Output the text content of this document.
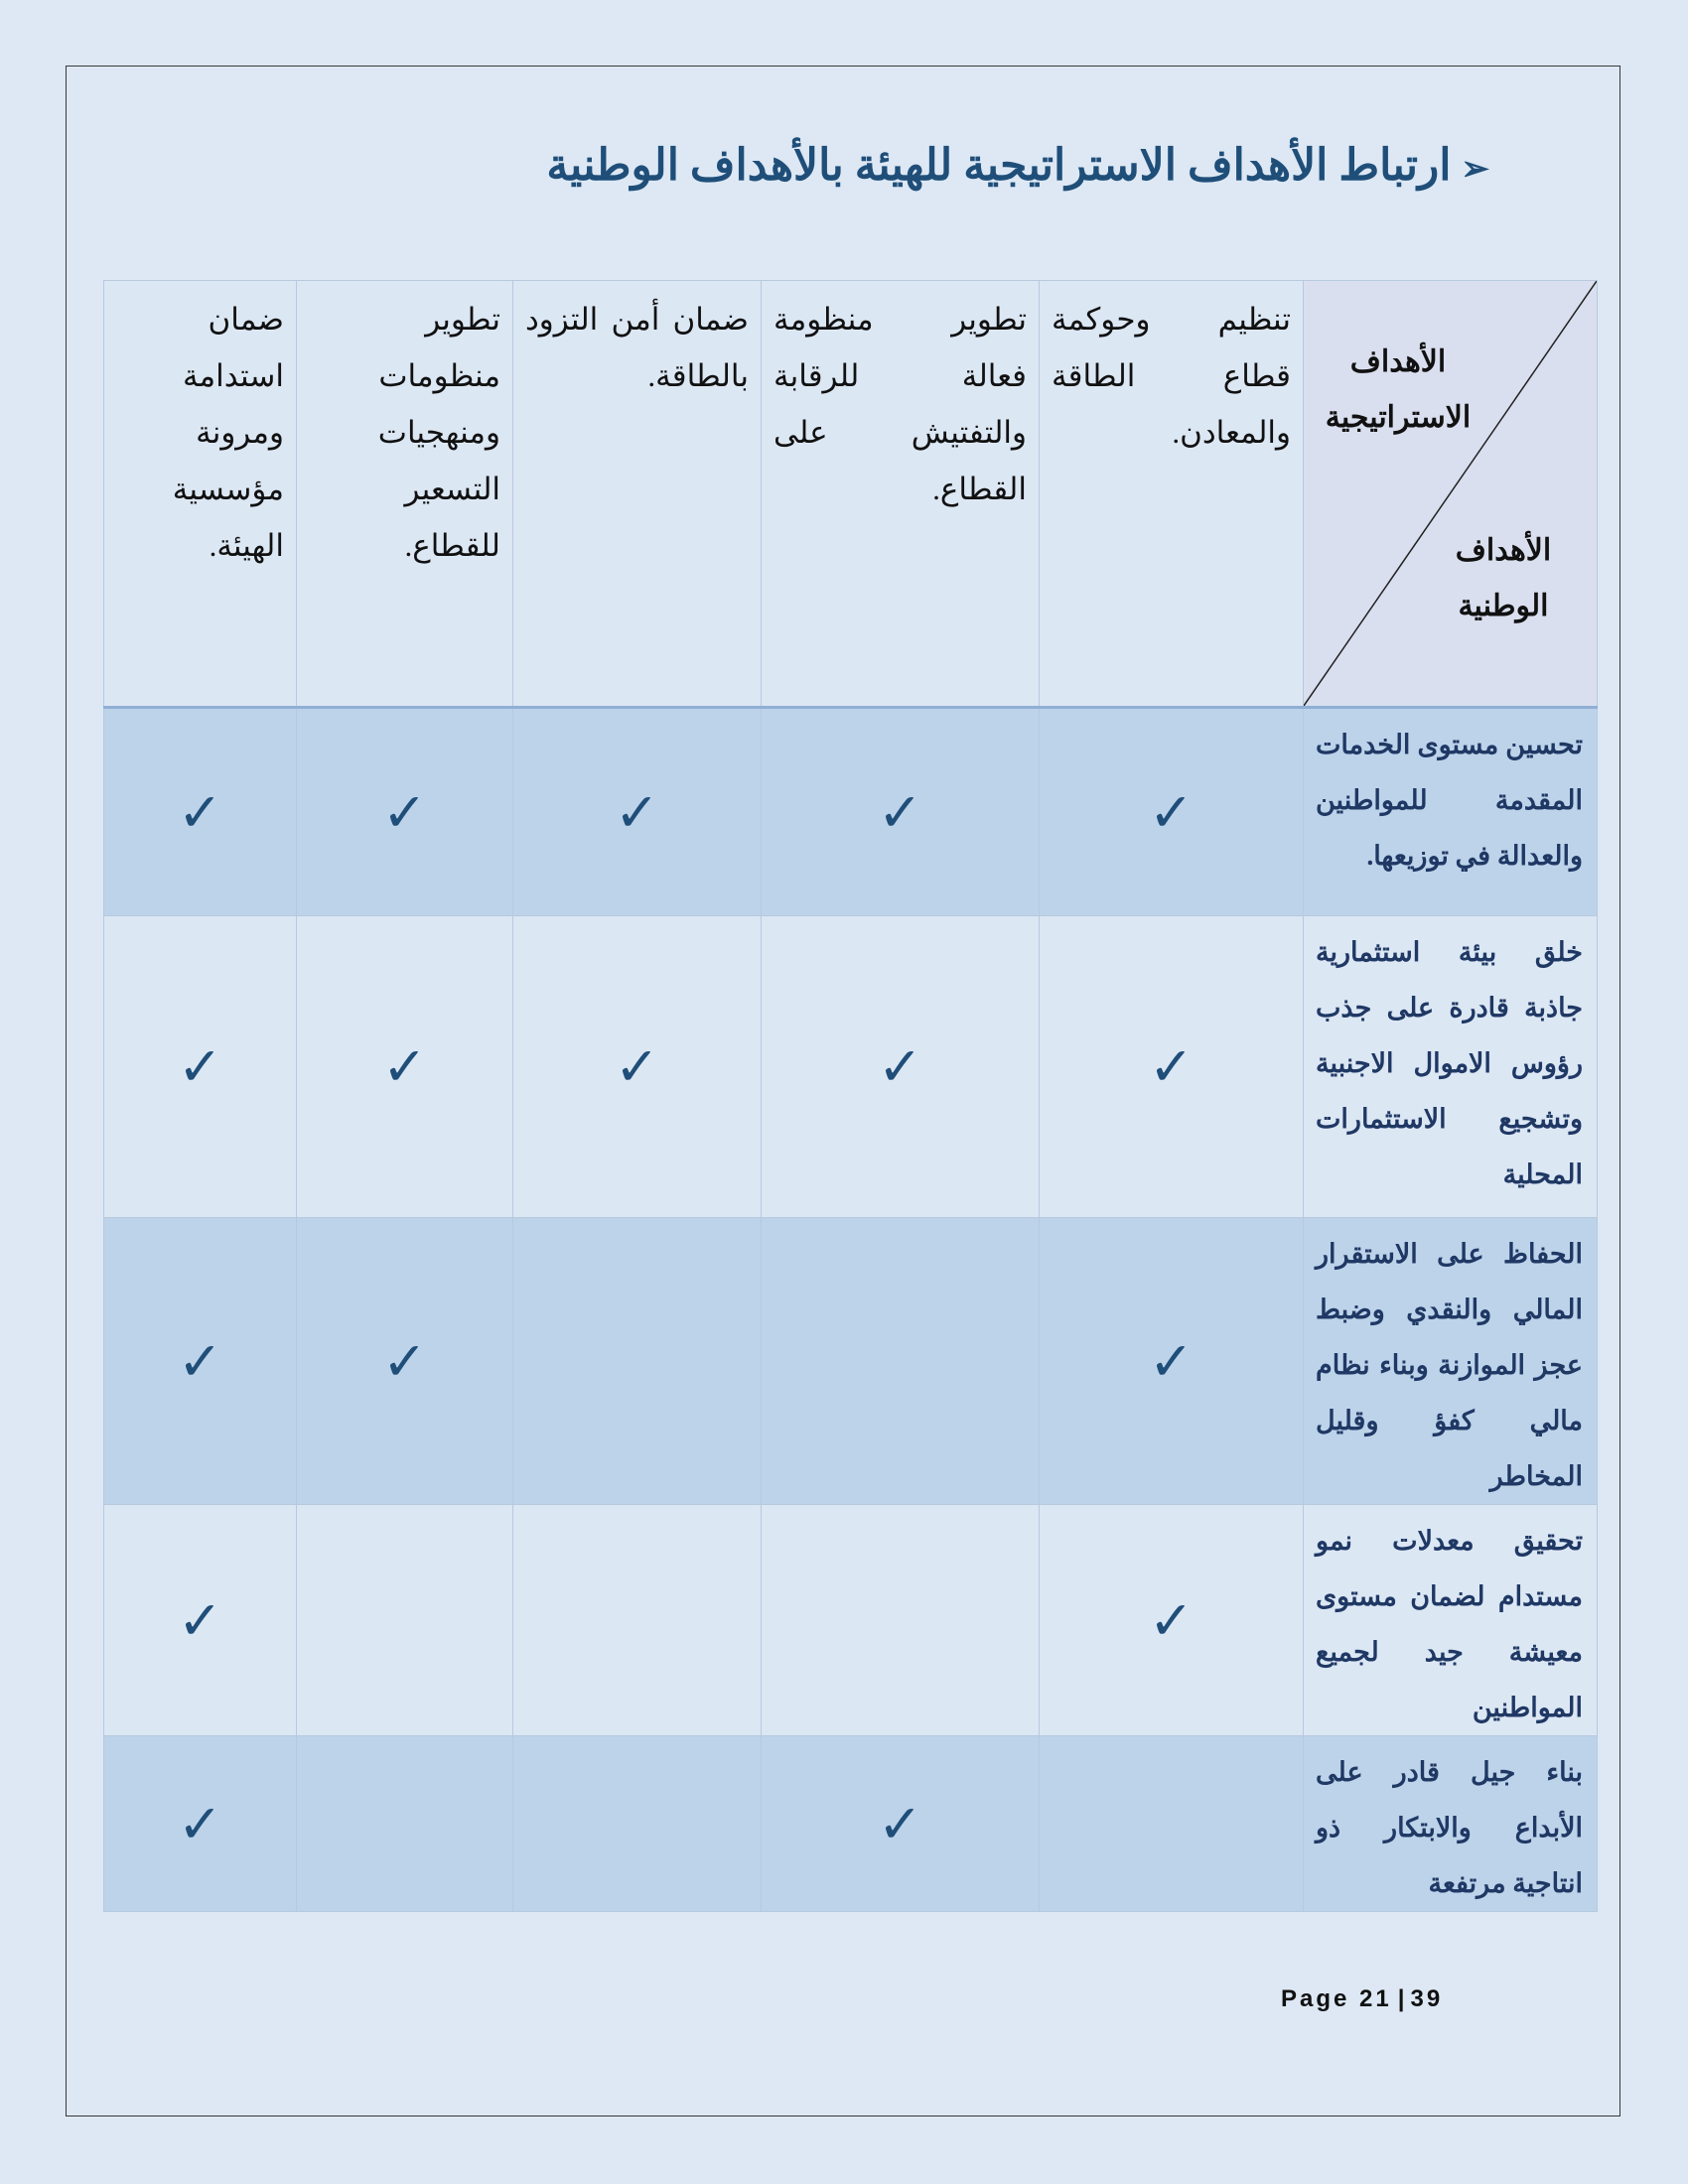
➢ارتباط الأهداف الاستراتيجية للهيئة بالأهداف الوطنية
الأهداف الاستراتيجية
الأهداف الوطنية	تنظيم وحوكمة قطاع الطاقة والمعادن.	تطوير منظومة فعالة للرقابة والتفتيش على القطاع.	ضمان أمن التزود بالطاقة.	تطوير منظومات ومنهجيات التسعير للقطاع.	ضمان استدامة ومرونة مؤسسية الهيئة.
تحسين مستوى الخدمات المقدمة للمواطنين والعدالة في توزيعها.	✓	✓	✓	✓	✓
خلق بيئة استثمارية جاذبة قادرة على جذب رؤوس الاموال الاجنبية وتشجيع الاستثمارات المحلية	✓	✓	✓	✓	✓
الحفاظ على الاستقرار المالي والنقدي وضبط عجز الموازنة وبناء نظام مالي كفؤ وقليل المخاطر	✓			✓	✓
تحقيق معدلات نمو مستدام لضمان مستوى معيشة جيد لجميع المواطنين	✓				✓
بناء جيل قادر على الأبداع والابتكار ذو انتاجية مرتفعة		✓			✓
Page 21 | 39
